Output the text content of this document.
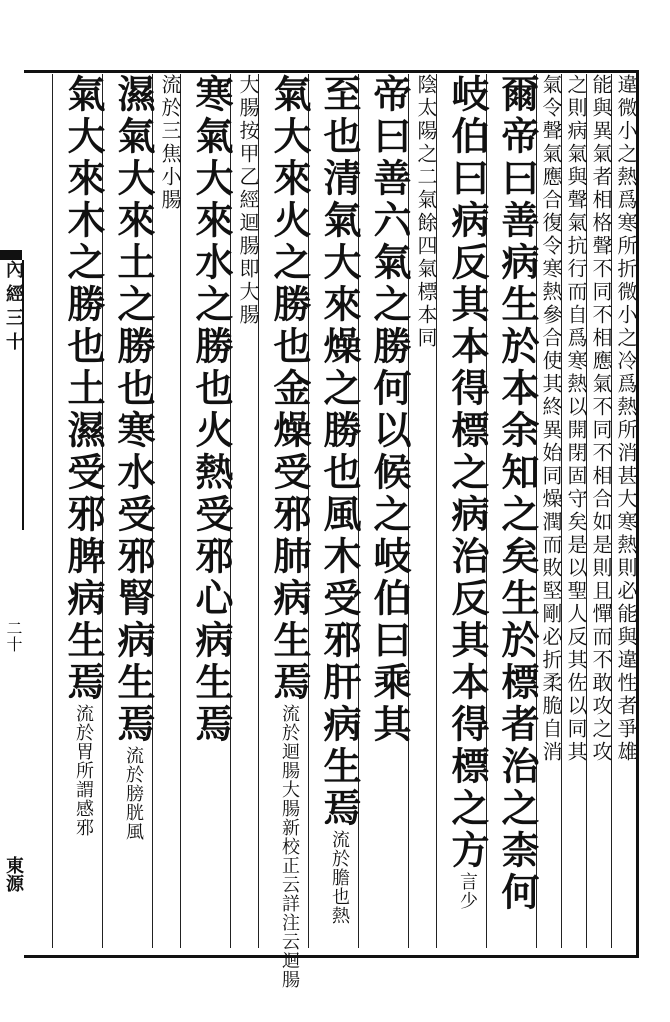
內經三十
二十
東源
違微小之熱爲寒所折微小之冷爲熱所消甚大寒熱則必能與違性者爭雄
能與異氣者相格聲不同不相應氣不同不相合如是則且憚而不敢攻之攻
之則病氣與聲氣抗行而自爲寒熱以開閉固守矣是以聖人反其佐以同其
氣令聲氣應合復令寒熱參合使其終異始同燥潤而敗堅剛必折柔脆自消
爾帝曰善病生於本余知之矣生於標者治之柰何
岐伯曰病反其本得標之病治反其本得標之方言少
陰太陽之二氣餘四氣標本同
帝曰善六氣之勝何以候之岐伯曰乘其
至也清氣大來燥之勝也風木受邪肝病生焉流於膽也熱
氣大來火之勝也金燥受邪肺病生焉流於迴腸大腸新校正云詳注云迴腸
大腸按甲乙經迴腸即大腸
寒氣大來水之勝也火熱受邪心病生焉
流於三焦小腸
濕氣大來土之勝也寒水受邪腎病生焉流於膀胱風
氣大來木之勝也土濕受邪脾病生焉流於胃所謂感邪
